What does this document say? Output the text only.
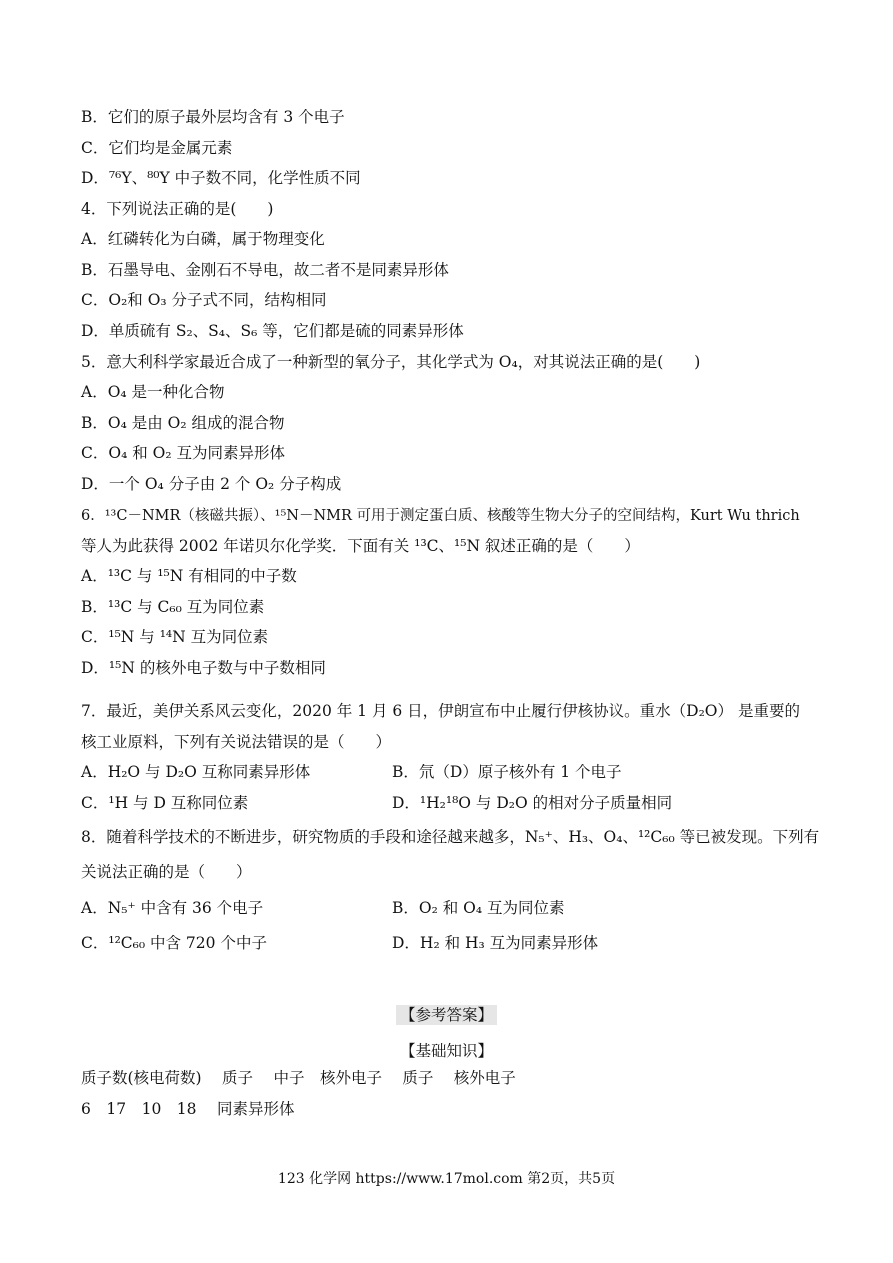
B．它们的原子最外层均含有 3 个电子
C．它们均是金属元素
D．⁷⁶Y、⁸⁰Y 中子数不同，化学性质不同
4．下列说法正确的是(　　)
A．红磷转化为白磷，属于物理变化
B．石墨导电、金刚石不导电，故二者不是同素异形体
C．O₂和 O₃ 分子式不同，结构相同
D．单质硫有 S₂、S₄、S₆ 等，它们都是硫的同素异形体
5．意大利科学家最近合成了一种新型的氧分子，其化学式为 O₄，对其说法正确的是(　　)
A．O₄ 是一种化合物
B．O₄ 是由 O₂ 组成的混合物
C．O₄ 和 O₂ 互为同素异形体
D．一个 O₄ 分子由 2 个 O₂ 分子构成
6．¹³C－NMR（核磁共振）、¹⁵N－NMR 可用于测定蛋白质、核酸等生物大分子的空间结构，Kurt Wu thrich
等人为此获得 2002 年诺贝尔化学奖．下面有关 ¹³C、¹⁵N 叙述正确的是（　　）
A．¹³C 与 ¹⁵N 有相同的中子数
B．¹³C 与 C₆₀ 互为同位素
C．¹⁵N 与 ¹⁴N 互为同位素
D．¹⁵N 的核外电子数与中子数相同
7．最近，美伊关系风云变化，2020 年 1 月 6 日，伊朗宣布中止履行伊核协议。重水（D₂O） 是重要的
核工业原料，下列有关说法错误的是（　　）
A．H₂O 与 D₂O 互称同素异形体	B．氘（D）原子核外有 1 个电子
C．¹H 与 D 互称同位素	D．¹H₂¹⁸O 与 D₂O 的相对分子质量相同
8．随着科学技术的不断进步，研究物质的手段和途径越来越多，N₅⁺、H₃、O₄、¹²C₆₀ 等已被发现。下列有
关说法正确的是（　　）
A．N₅⁺ 中含有 36 个电子	B．O₂ 和 O₄ 互为同位素
C．¹²C₆₀ 中含 720 个中子	D．H₂ 和 H₃ 互为同素异形体
【参考答案】
【基础知识】
质子数(核电荷数)　 质子　 中子　核外电子　 质子　 核外电子
6　17　10　18　 同素异形体
123 化学网 https://www.17mol.com 第2页，共5页
